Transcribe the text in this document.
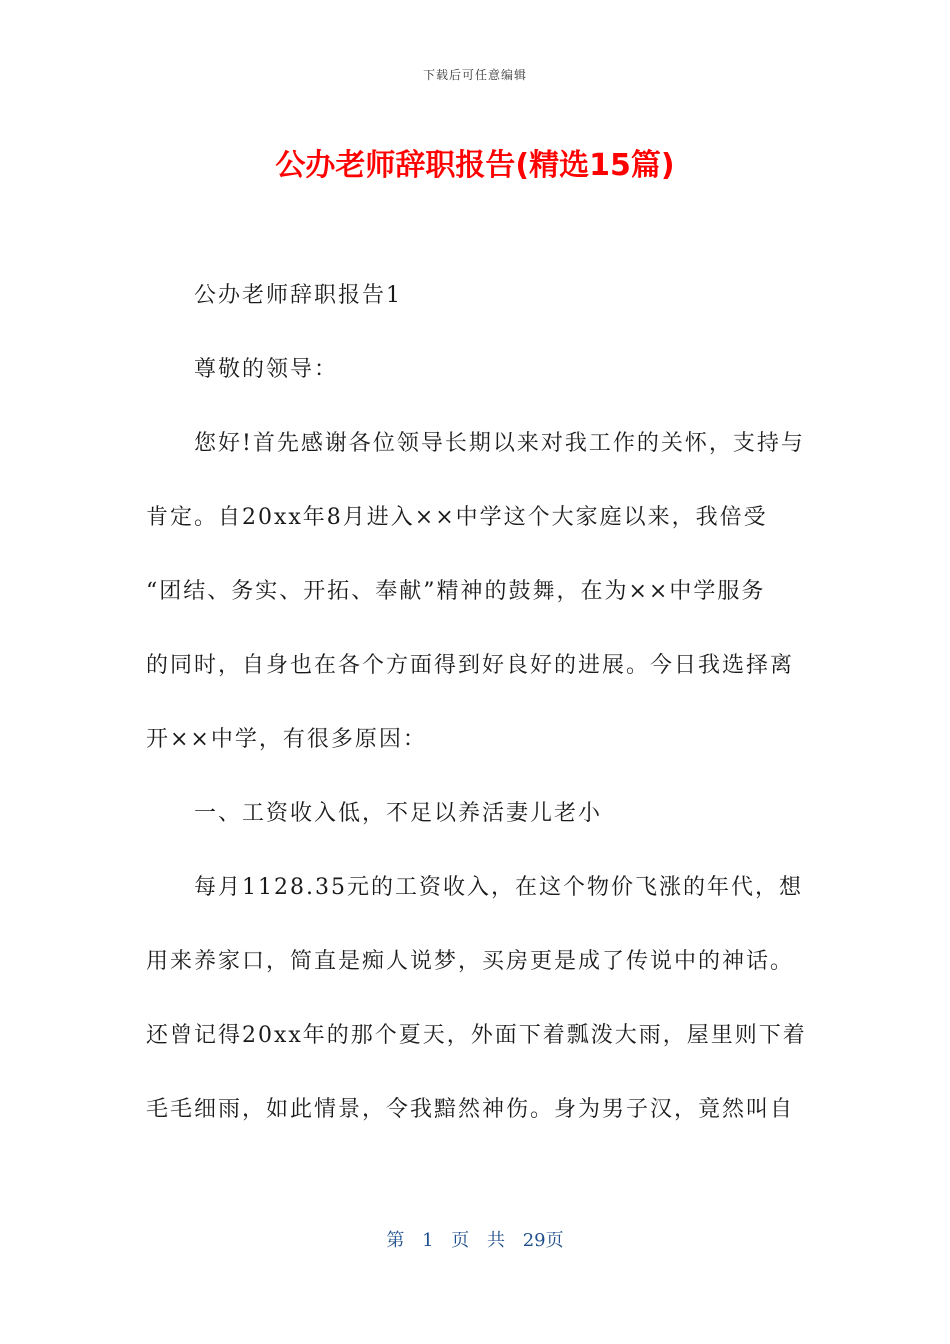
下载后可任意编辑
公办老师辞职报告(精选15篇)
公办老师辞职报告1
尊敬的领导：
您好!首先感谢各位领导长期以来对我工作的关怀，支持与
肯定。自20xx年8月进入××中学这个大家庭以来，我倍受
“团结、务实、开拓、奉献”精神的鼓舞，在为××中学服务
的同时，自身也在各个方面得到好良好的进展。今日我选择离
开××中学，有很多原因：
一、工资收入低，不足以养活妻儿老小
每月1128.35元的工资收入，在这个物价飞涨的年代，想
用来养家口，简直是痴人说梦，买房更是成了传说中的神话。
还曾记得20xx年的那个夏天，外面下着瓢泼大雨，屋里则下着
毛毛细雨，如此情景，令我黯然神伤。身为男子汉，竟然叫自
第 1 页 共 29页
